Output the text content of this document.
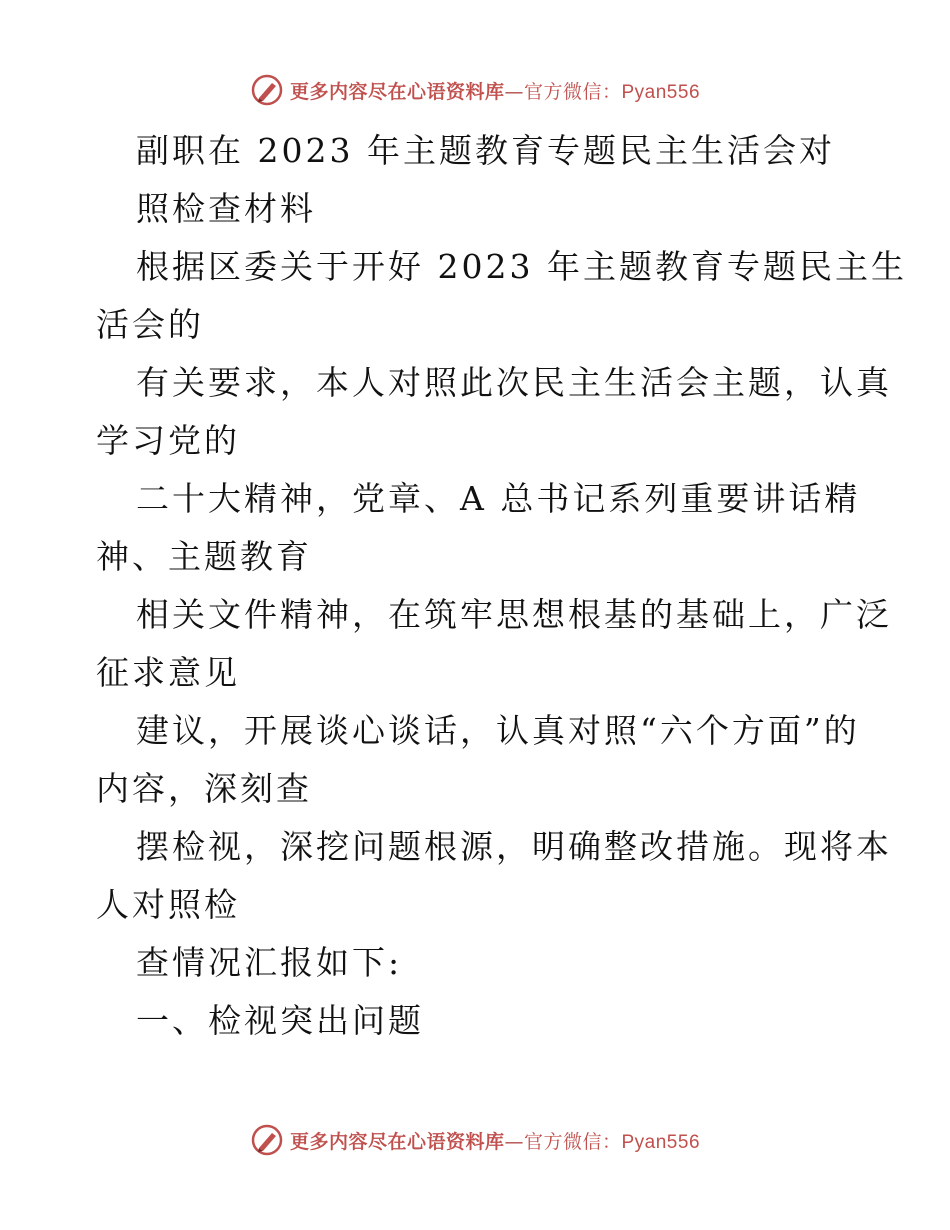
更多内容尽在心语资料库—官方微信：Pyan556
副职在 2023 年主题教育专题民主生活会对
照检查材料
根据区委关于开好 2023 年主题教育专题民主生
活会的
有关要求，本人对照此次民主生活会主题，认真
学习党的
二十大精神，党章、A 总书记系列重要讲话精
神、主题教育
相关文件精神，在筑牢思想根基的基础上，广泛
征求意见
建议，开展谈心谈话，认真对照“六个方面”的
内容，深刻查
摆检视，深挖问题根源，明确整改措施。现将本
人对照检
查情况汇报如下:
一、检视突出问题
更多内容尽在心语资料库—官方微信：Pyan556
